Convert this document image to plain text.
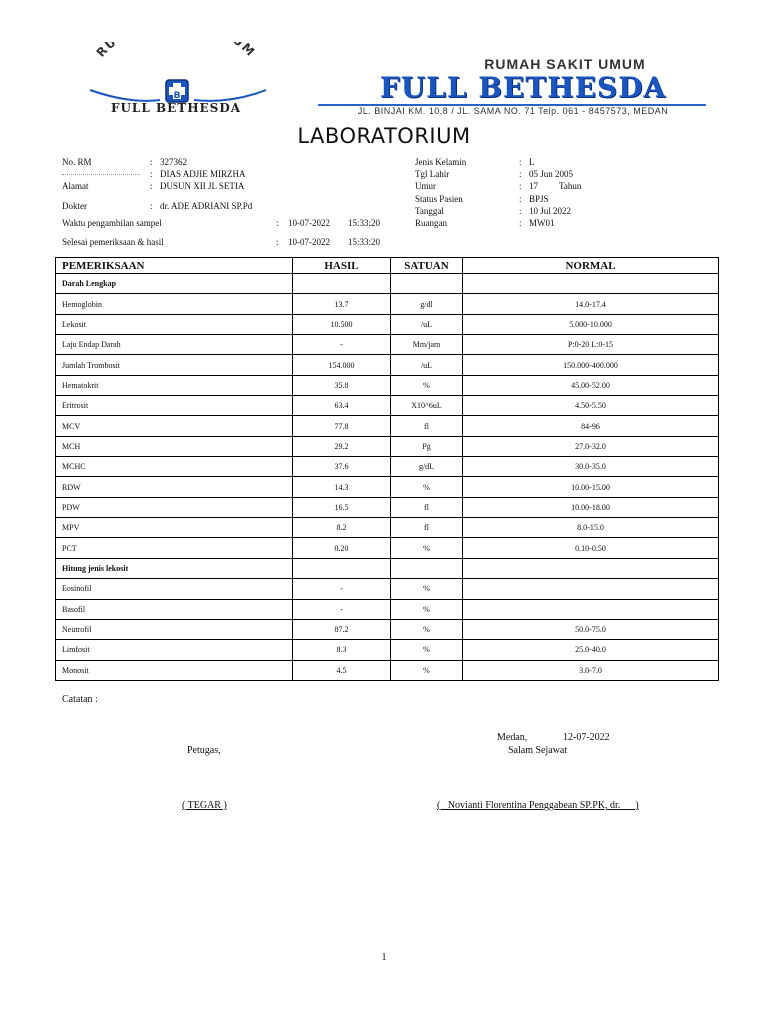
RU M
B
FULL BETHESDA
RUMAH SAKIT UMUM
FULL BETHESDA
JL. BINJAI KM. 10,8 / JL. SAMA NO. 71 Telp. 061 - 8457573, MEDAN
LABORATORIUM
No. RM	: 327362
: DIAS ADJIE MIRZHA
Alamat	: DUSUN XII JL SETIA
Dokter	: dr. ADE ADRIANI SP.Pd
Waktu pengambilan sampel	: 10-07-2022 15:33:20
Selesai pemeriksaan & hasil	: 10-07-2022 15:33:20
Jenis Kelamin	: L
Tgl Lahir	: 05 Jun 2005
Umur	: 17 Tahun
Status Pasien	: BPJS
Tanggal	: 10 Jul 2022
Ruangan	: MW01
PEMERIKSAAN	HASIL	SATUAN	NORMAL
Darah Lengkap			
Hemoglobin	13.7	g/dl	14.0-17.4
Lekosit	10.500	/uL	5.000-10.000
Laju Endap Darah	-	Mm/jam	P:0-20 L:0-15
Jumlah Trombosit	154.000	/uL	150.000-400.000
Hematokrit	35.8	%	45.00-52.00
Eritrosit	63.4	X10^6uL	4.50-5.50
MCV	77.8	fl	84-96
MCH	29.2	Pg	27.0-32.0
MCHC	37.6	g/dL	30.0-35.0
RDW	14.3	%	10.00-15.00
PDW	16.5	fl	10.00-18.00
MPV	8.2	fl	8.0-15.0
PCT	0.20	%	0.10-0.50
Hitung jenis lekosit			
Eosinofil	-	%	
Basofil	-	%	
Neutrofil	87.2	%	50.0-75.0
Limfosit	8.3	%	25.0-40.0
Monosit	4.5	%	3.0-7.0
Catatan :
Medan,	12-07-2022
Petugas,	Salam Sejawat
( TEGAR )	(   Novianti Florentina Penggabean SP.PK, dr.      )
1
